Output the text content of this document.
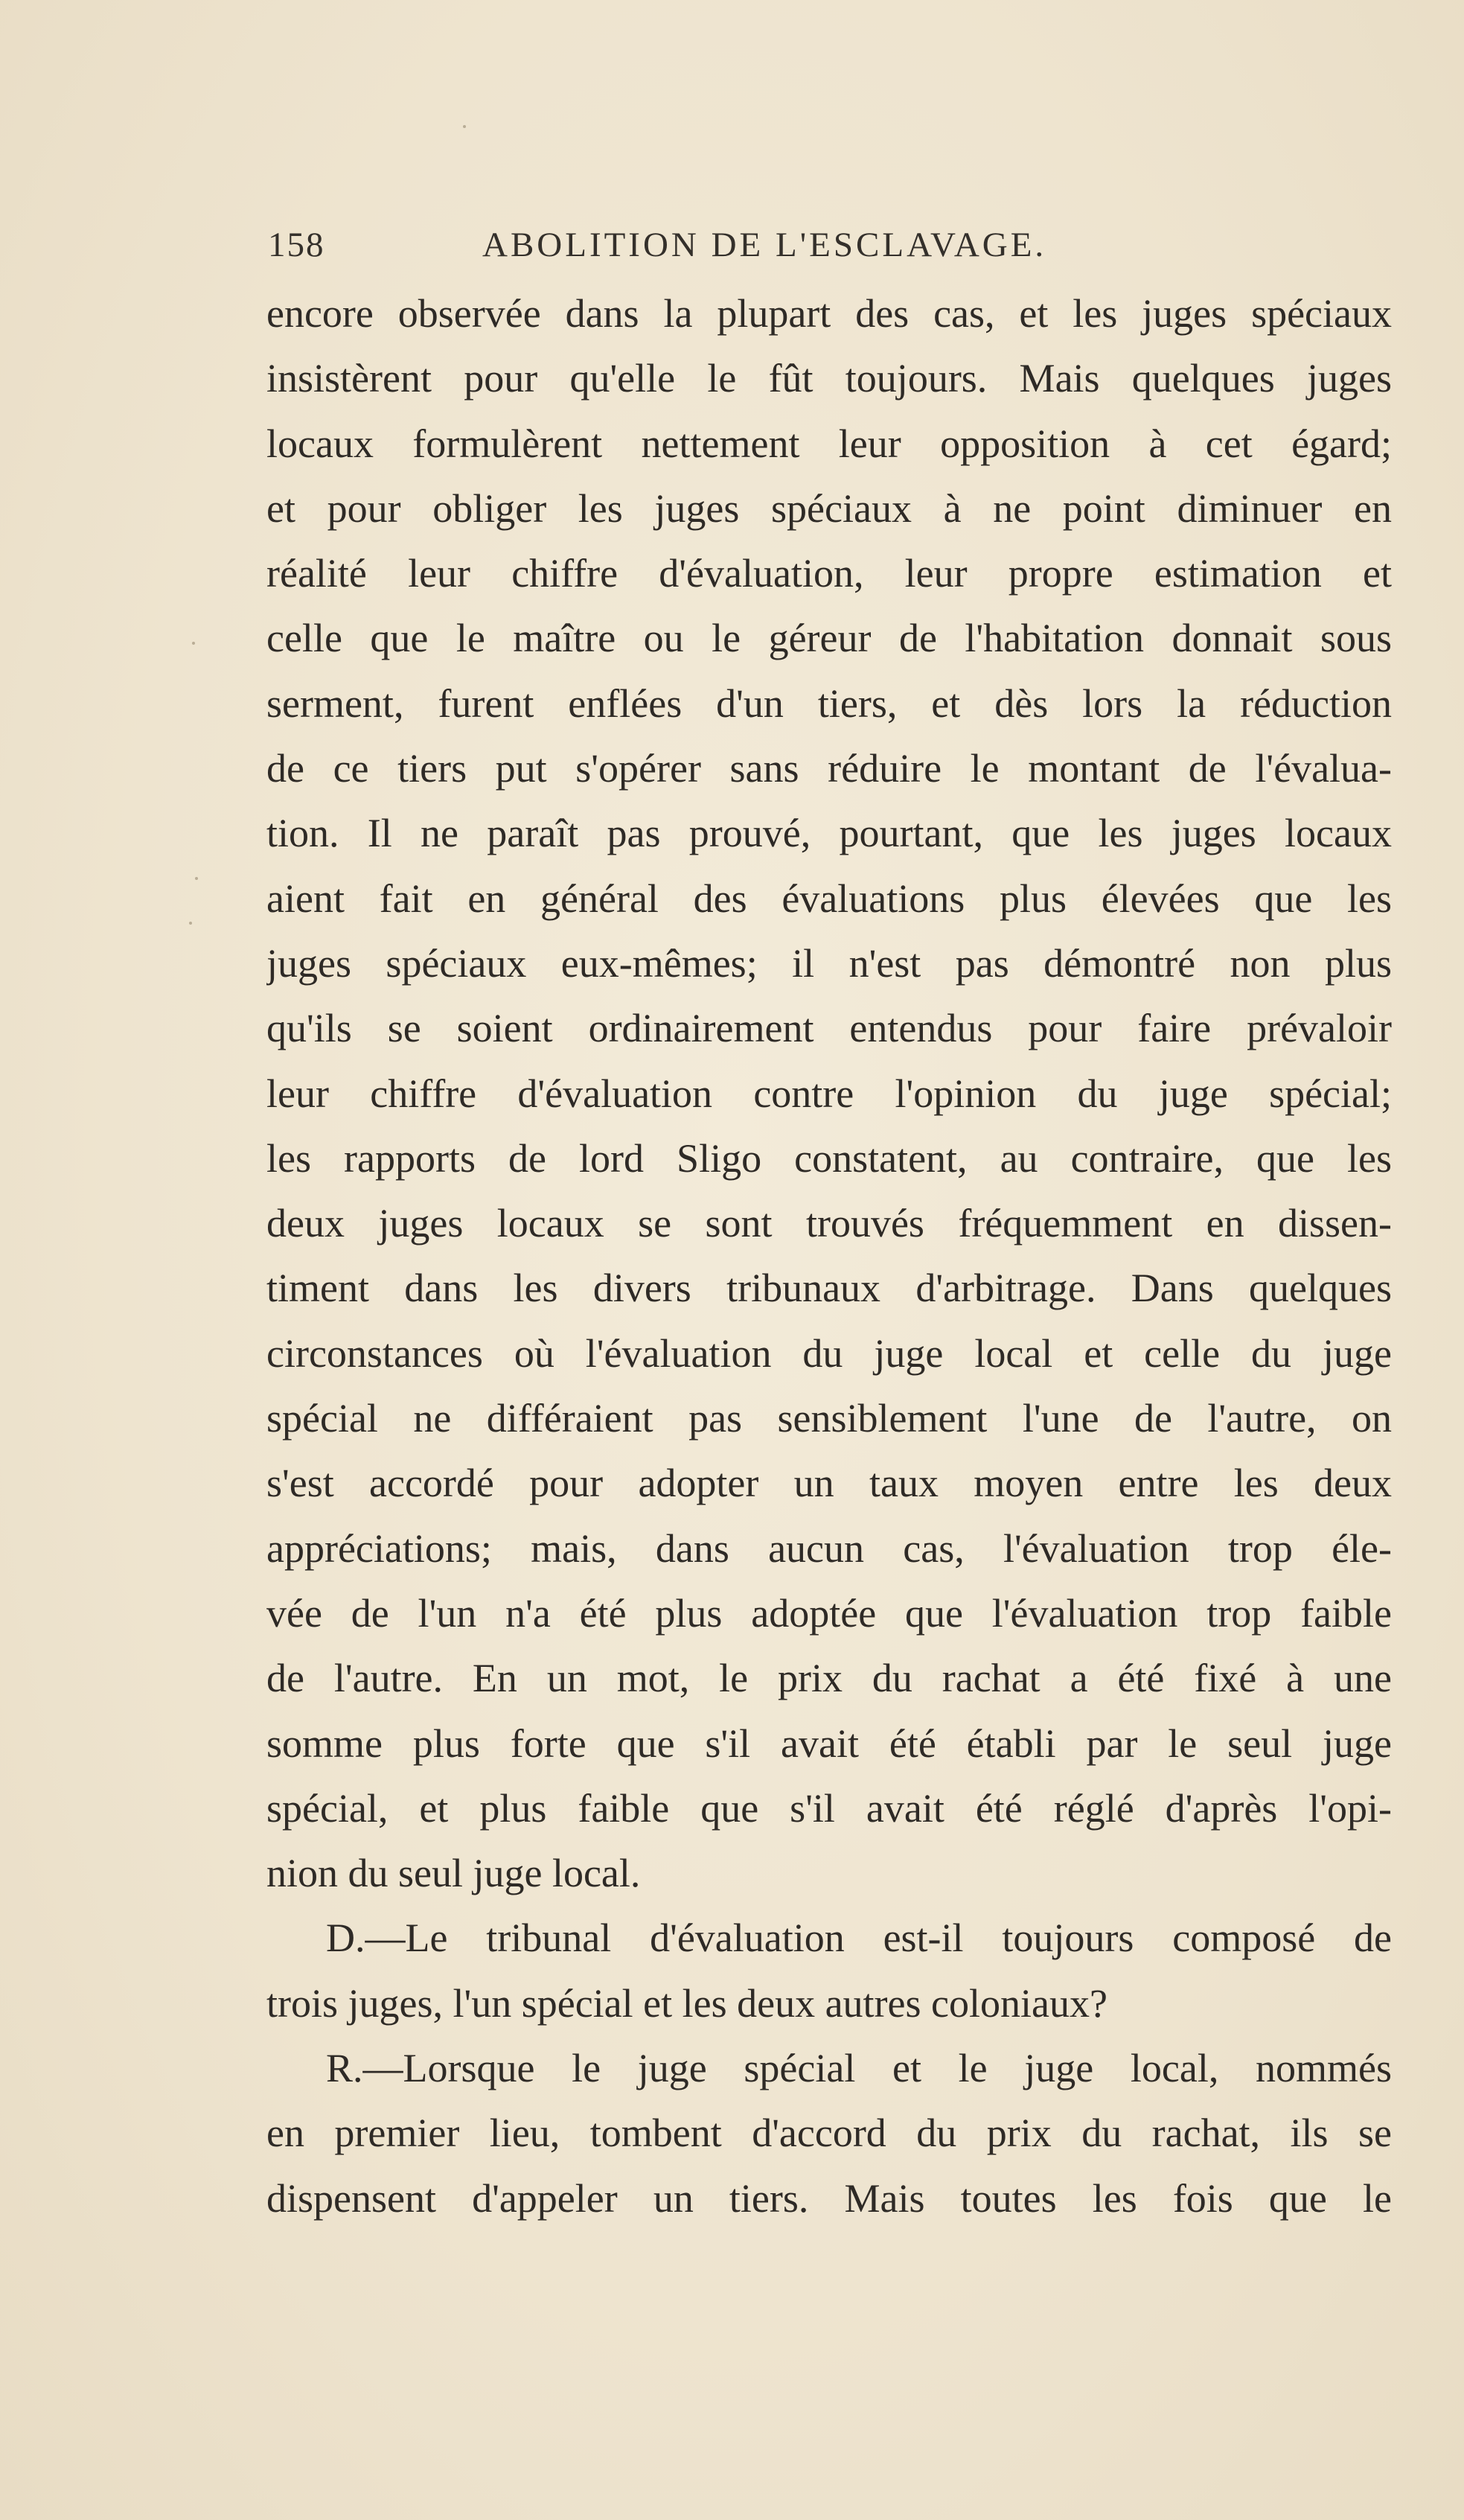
158	ABOLITION DE L'ESCLAVAGE.
encore observée dans la plupart des cas, et les juges spéciaux
insistèrent pour qu'elle le fût toujours. Mais quelques juges
locaux formulèrent nettement leur opposition à cet égard;
et pour obliger les juges spéciaux à ne point diminuer en
réalité leur chiffre d'évaluation, leur propre estimation et
celle que le maître ou le géreur de l'habitation donnait sous
serment, furent enflées d'un tiers, et dès lors la réduction
de ce tiers put s'opérer sans réduire le montant de l'évalua-
tion. Il ne paraît pas prouvé, pourtant, que les juges locaux
aient fait en général des évaluations plus élevées que les
juges spéciaux eux-mêmes; il n'est pas démontré non plus
qu'ils se soient ordinairement entendus pour faire prévaloir
leur chiffre d'évaluation contre l'opinion du juge spécial;
les rapports de lord Sligo constatent, au contraire, que les
deux juges locaux se sont trouvés fréquemment en dissen-
timent dans les divers tribunaux d'arbitrage. Dans quelques
circonstances où l'évaluation du juge local et celle du juge
spécial ne différaient pas sensiblement l'une de l'autre, on
s'est accordé pour adopter un taux moyen entre les deux
appréciations; mais, dans aucun cas, l'évaluation trop éle-
vée de l'un n'a été plus adoptée que l'évaluation trop faible
de l'autre. En un mot, le prix du rachat a été fixé à une
somme plus forte que s'il avait été établi par le seul juge
spécial, et plus faible que s'il avait été réglé d'après l'opi-
nion du seul juge local.
D.—Le tribunal d'évaluation est-il toujours composé de
trois juges, l'un spécial et les deux autres coloniaux?
R.—Lorsque le juge spécial et le juge local, nommés
en premier lieu, tombent d'accord du prix du rachat, ils se
dispensent d'appeler un tiers. Mais toutes les fois que le
